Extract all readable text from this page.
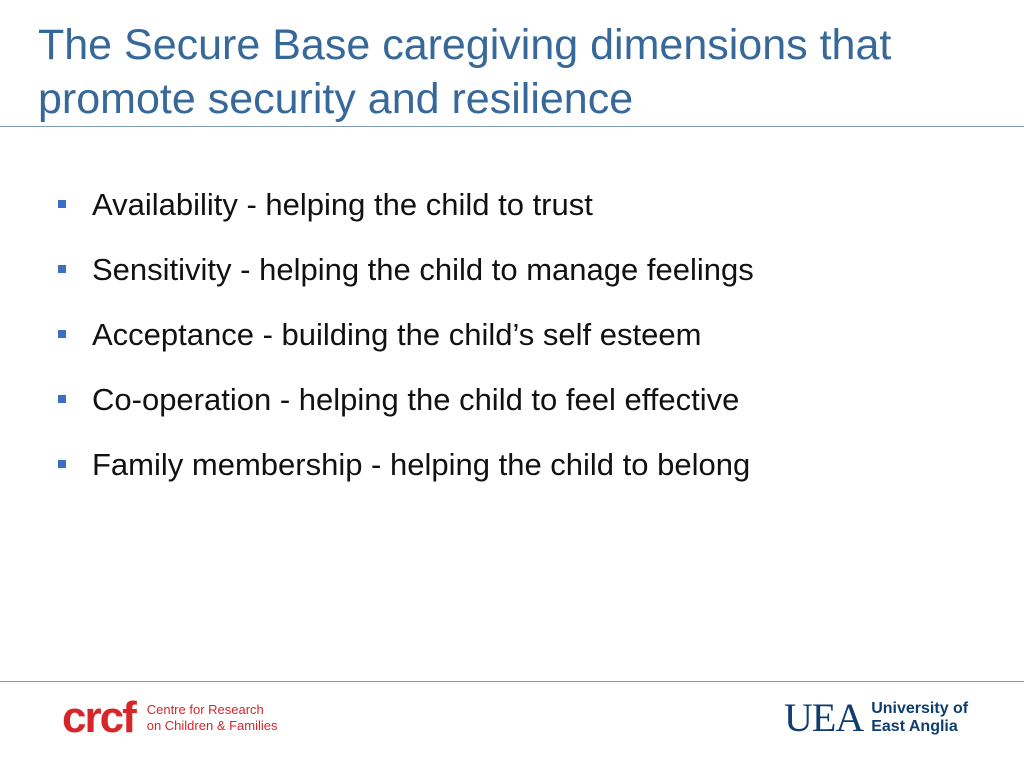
The Secure Base caregiving dimensions that
promote security and resilience
Availability - helping the child to trust
Sensitivity - helping the child to manage feelings
Acceptance - building the child’s self esteem
Co-operation - helping the child to feel effective
Family membership - helping the child to belong
crcf Centre for Research
on Children & Families	UEA University of
East Anglia
